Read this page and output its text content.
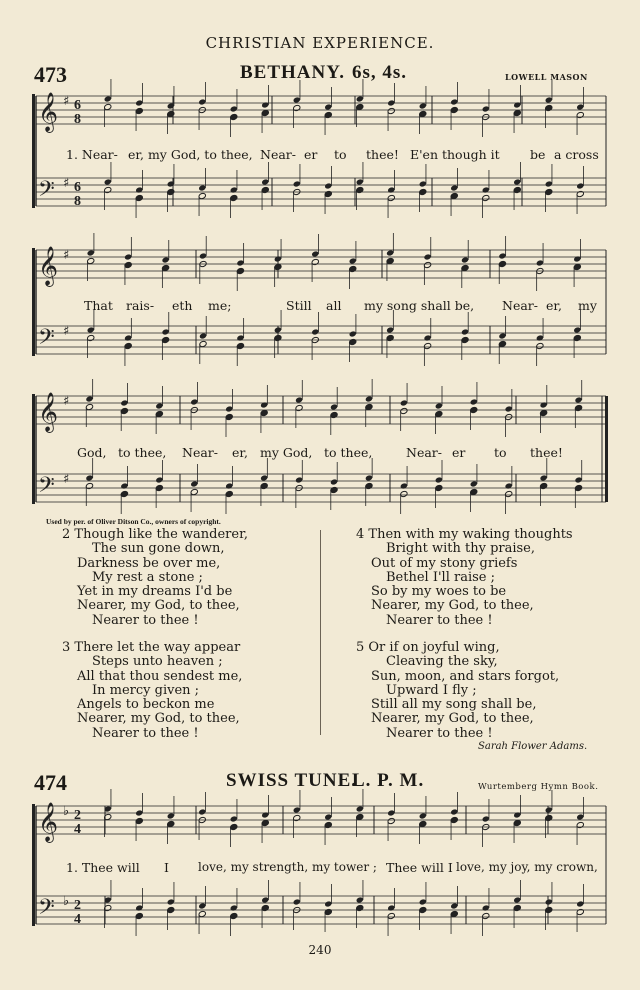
CHRISTIAN EXPERIENCE.
473	BETHANY. 6s, 4s.	LOWELL MASON
𝄞 ♯ 6
8
𝄢 ♯ 6
8
𝄞 ♯
𝄢 ♯
𝄞 ♯
𝄢 ♯
𝄞 ♭ 2
4
𝄢 ♭ 2
4
1. Near- er, my God, to thee, Near- er to thee! E'en though it be a cross
That rais- eth me;	Still all my song shall be, Near- er, my
God, to thee, Near- er, my God, to thee,	Near- er to thee!
Used by per. of Oliver Ditson Co., owners of copyright.
2 Though like the wanderer,
The sun gone down,
Darkness be over me,
My rest a stone ;
Yet in my dreams I'd be
Nearer, my God, to thee,
Nearer to thee !
3 There let the way appear
Steps unto heaven ;
All that thou sendest me,
In mercy given ;
Angels to beckon me
Nearer, my God, to thee,
Nearer to thee !
4 Then with my waking thoughts
Bright with thy praise,
Out of my stony griefs
Bethel I'll raise ;
So by my woes to be
Nearer, my God, to thee,
Nearer to thee !
5 Or if on joyful wing,
Cleaving the sky,
Sun, moon, and stars forgot,
Upward I fly ;
Still all my song shall be,
Nearer, my God, to thee,
Nearer to thee !
Sarah Flower Adams.
474	SWISS TUNE.
L. P. M.	Wurtemberg Hymn Book.
1. Thee will I love, my strength, my tower ; Thee will I love, my joy, my crown,
240
